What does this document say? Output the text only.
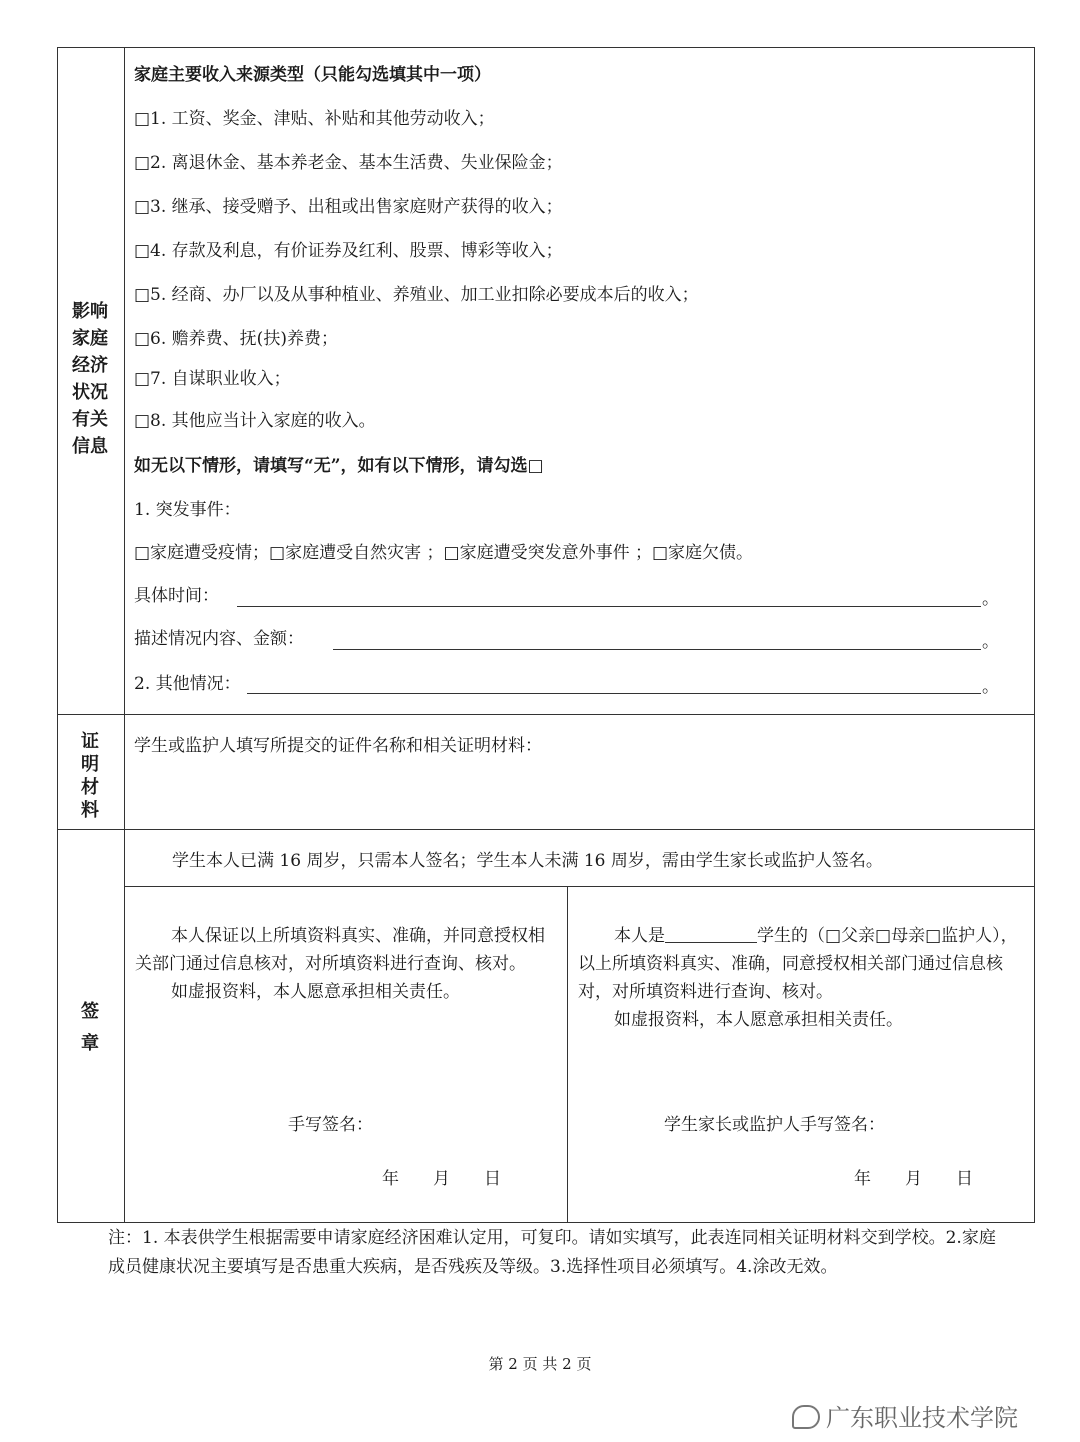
影响家庭经济状况有关信息
家庭主要收入来源类型（只能勾选填其中一项）
□1. 工资、奖金、津贴、补贴和其他劳动收入；
□2. 离退休金、基本养老金、基本生活费、失业保险金；
□3. 继承、接受赠予、出租或出售家庭财产获得的收入；
□4. 存款及利息，有价证券及红利、股票、博彩等收入；
□5. 经商、办厂以及从事种植业、养殖业、加工业扣除必要成本后的收入；
□6. 赡养费、抚(扶)养费；
□7. 自谋职业收入；
□8. 其他应当计入家庭的收入。
如无以下情形，请填写“无”，如有以下情形，请勾选□
1. 突发事件：
□家庭遭受疫情；□家庭遭受自然灾害 ；□家庭遭受突发意外事件 ；□家庭欠债。
具体时间：	。
描述情况内容、金额：	。
2. 其他情况：	。
证明材料
学生或监护人填写所提交的证件名称和相关证明材料：
签章
学生本人已满 16 周岁，只需本人签名；学生本人未满 16 周岁，需由学生家长或监护人签名。

本人保证以上所填资料真实、准确，并同意授权相关部门通过信息核对，对所填资料进行查询、核对。

如虚报资料，本人愿意承担相关责任。

手写签名：
年　　月　　日

本人是	学生的（□父亲□母亲□监护人），以上所填资料真实、准确，同意授权相关部门通过信息核对，对所填资料进行查询、核对。

如虚报资料，本人愿意承担相关责任。

学生家长或监护人手写签名：
年　　月　　日
注：1. 本表供学生根据需要申请家庭经济困难认定用，可复印。请如实填写，此表连同相关证明材料交到学校。2.家庭成员健康状况主要填写是否患重大疾病，是否残疾及等级。3.选择性项目必须填写。4.涂改无效。
第 2 页 共 2 页
广东职业技术学院
